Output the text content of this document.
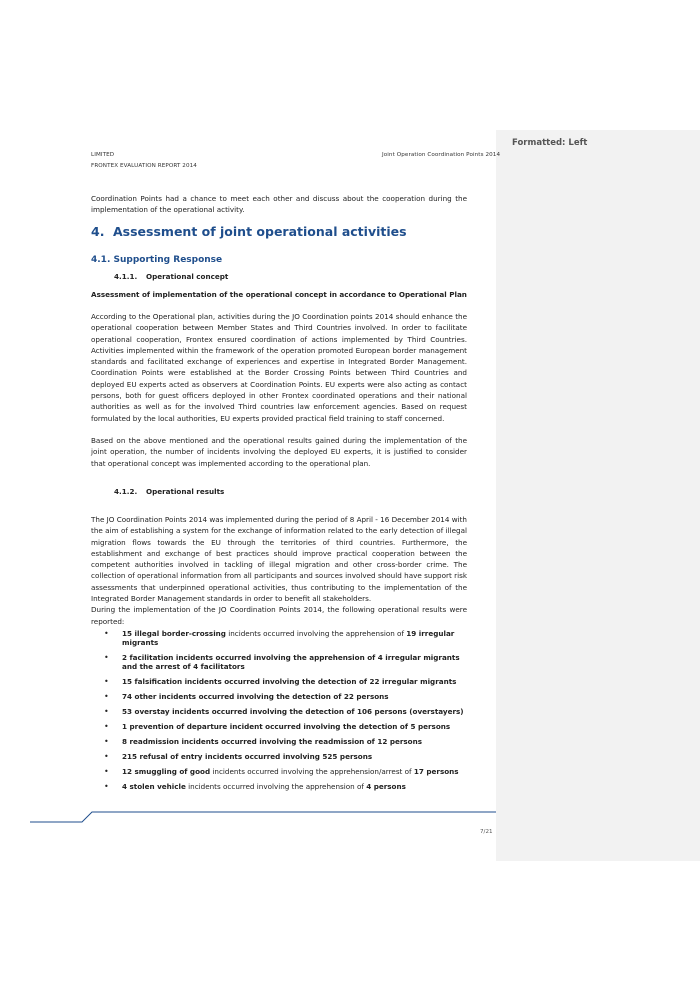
Formatted: Left
LIMITED
FRONTEX EVALUATION REPORT 2014
Joint Operation Coordination Points 2014

Coordination Points had a chance to meet each other and discuss about the cooperation during the implementation of the operational activity.

4. Assessment of joint operational activities
4.1. Supporting Response
4.1.1. Operational concept
Assessment of implementation of the operational concept in accordance to Operational Plan

According to the Operational plan, activities during the JO Coordination points 2014 should enhance the operational cooperation between Member States and Third Countries involved. In order to facilitate operational cooperation, Frontex ensured coordination of actions implemented by Third Countries. Activities implemented within the framework of the operation promoted European border management standards and facilitated exchange of experiences and expertise in Integrated Border Management. Coordination Points were established at the Border Crossing Points between Third Countries and deployed EU experts acted as observers at Coordination Points. EU experts were also acting as contact persons, both for guest officers deployed in other Frontex coordinated operations and their national authorities as well as for the involved Third countries law enforcement agencies. Based on request formulated by the local authorities, EU experts provided practical field training to staff concerned.

Based on the above mentioned and the operational results gained during the implementation of the joint operation, the number of incidents involving the deployed EU experts, it is justified to consider that operational concept was implemented according to the operational plan.

4.1.2. Operational results

The JO Coordination Points 2014 was implemented during the period of 8 April - 16 December 2014 with the aim of establishing a system for the exchange of information related to the early detection of illegal migration flows towards the EU through the territories of third countries. Furthermore, the establishment and exchange of best practices should improve practical cooperation between the competent authorities involved in tackling of illegal migration and other cross-border crime. The collection of operational information from all participants and sources involved should have support risk assessments that underpinned operational activities, thus contributing to the implementation of the Integrated Border Management standards in order to benefit all stakeholders.

During the implementation of the JO Coordination Points 2014, the following operational results were reported:

• 15 illegal border-crossing incidents occurred involving the apprehension of 19 irregular migrants
• 2 facilitation incidents occurred involving the apprehension of 4 irregular migrants and the arrest of 4 facilitators
• 15 falsification incidents occurred involving the detection of 22 irregular migrants
• 74 other incidents occurred involving the detection of 22 persons
• 53 overstay incidents occurred involving the detection of 106 persons (overstayers)
• 1 prevention of departure incident occurred involving the detection of 5 persons
• 8 readmission incidents occurred involving the readmission of 12 persons
• 215 refusal of entry incidents occurred involving 525 persons
• 12 smuggling of good incidents occurred involving the apprehension/arrest of 17 persons
• 4 stolen vehicle incidents occurred involving the apprehension of 4 persons
7/21
